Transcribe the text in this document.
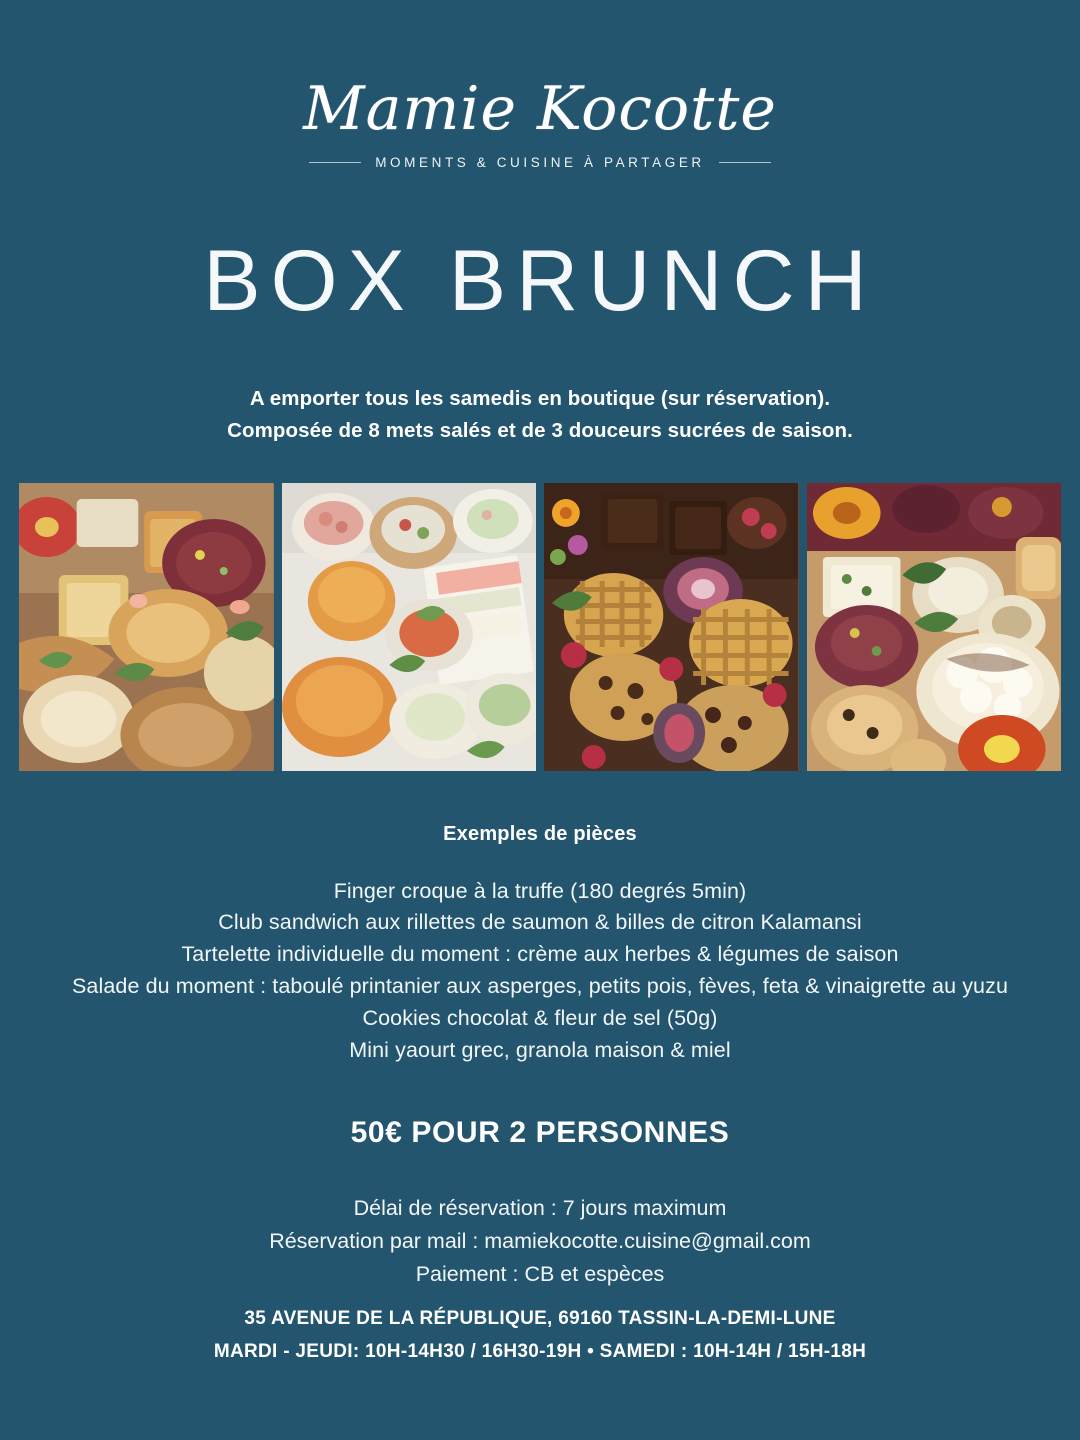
Mamie Kocotte
MOMENTS & CUISINE À PARTAGER
BOX BRUNCH
A emporter tous les samedis en boutique (sur réservation).
Composée de 8 mets salés et de 3 douceurs sucrées de saison.
Exemples de pièces
Finger croque à la truffe (180 degrés 5min)
Club sandwich aux rillettes de saumon & billes de citron Kalamansi
Tartelette individuelle du moment : crème aux herbes & légumes de saison
Salade du moment : taboulé printanier aux asperges, petits pois, fèves, feta & vinaigrette au yuzu
Cookies chocolat & fleur de sel (50g)
Mini yaourt grec, granola maison & miel
50€ POUR 2 PERSONNES
Délai de réservation : 7 jours maximum
Réservation par mail : mamiekocotte.cuisine@gmail.com
Paiement : CB et espèces
35 AVENUE DE LA RÉPUBLIQUE, 69160 TASSIN-LA-DEMI-LUNE
MARDI - JEUDI: 10H-14H30 / 16H30-19H • SAMEDI : 10H-14H / 15H-18H
